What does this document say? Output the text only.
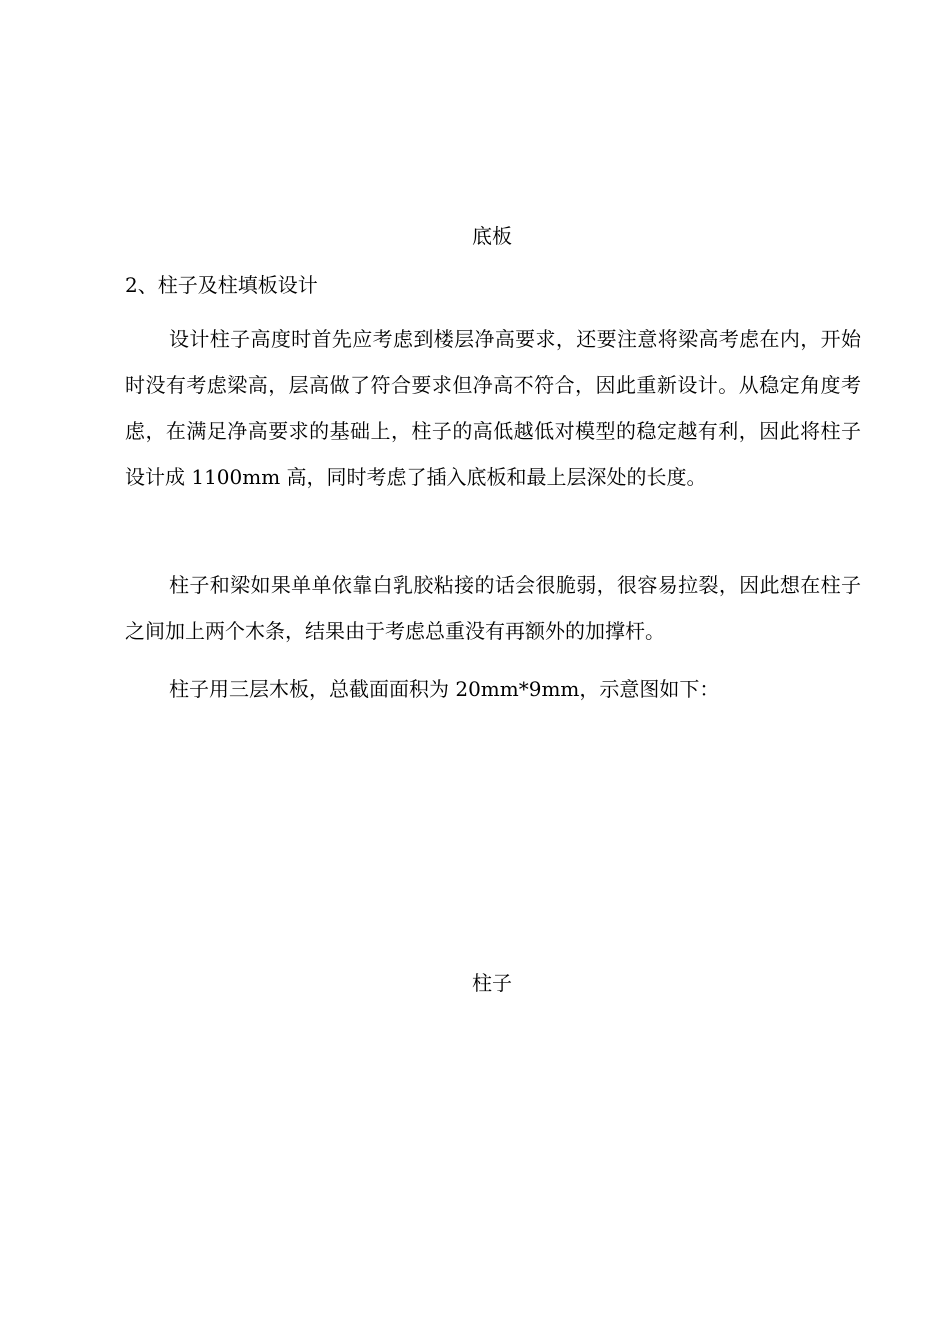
底板

2、柱子及柱填板设计

设计柱子高度时首先应考虑到楼层净高要求，还要注意将梁高考虑在内，开始时没有考虑梁高，层高做了符合要求但净高不符合，因此重新设计。从稳定角度考虑，在满足净高要求的基础上，柱子的高低越低对模型的稳定越有利，因此将柱子设计成 1100mm 高，同时考虑了插入底板和最上层深处的长度。

柱子和梁如果单单依靠白乳胶粘接的话会很脆弱，很容易拉裂，因此想在柱子之间加上两个木条，结果由于考虑总重没有再额外的加撑杆。

柱子用三层木板，总截面面积为 20mm*9mm，示意图如下：

柱子
